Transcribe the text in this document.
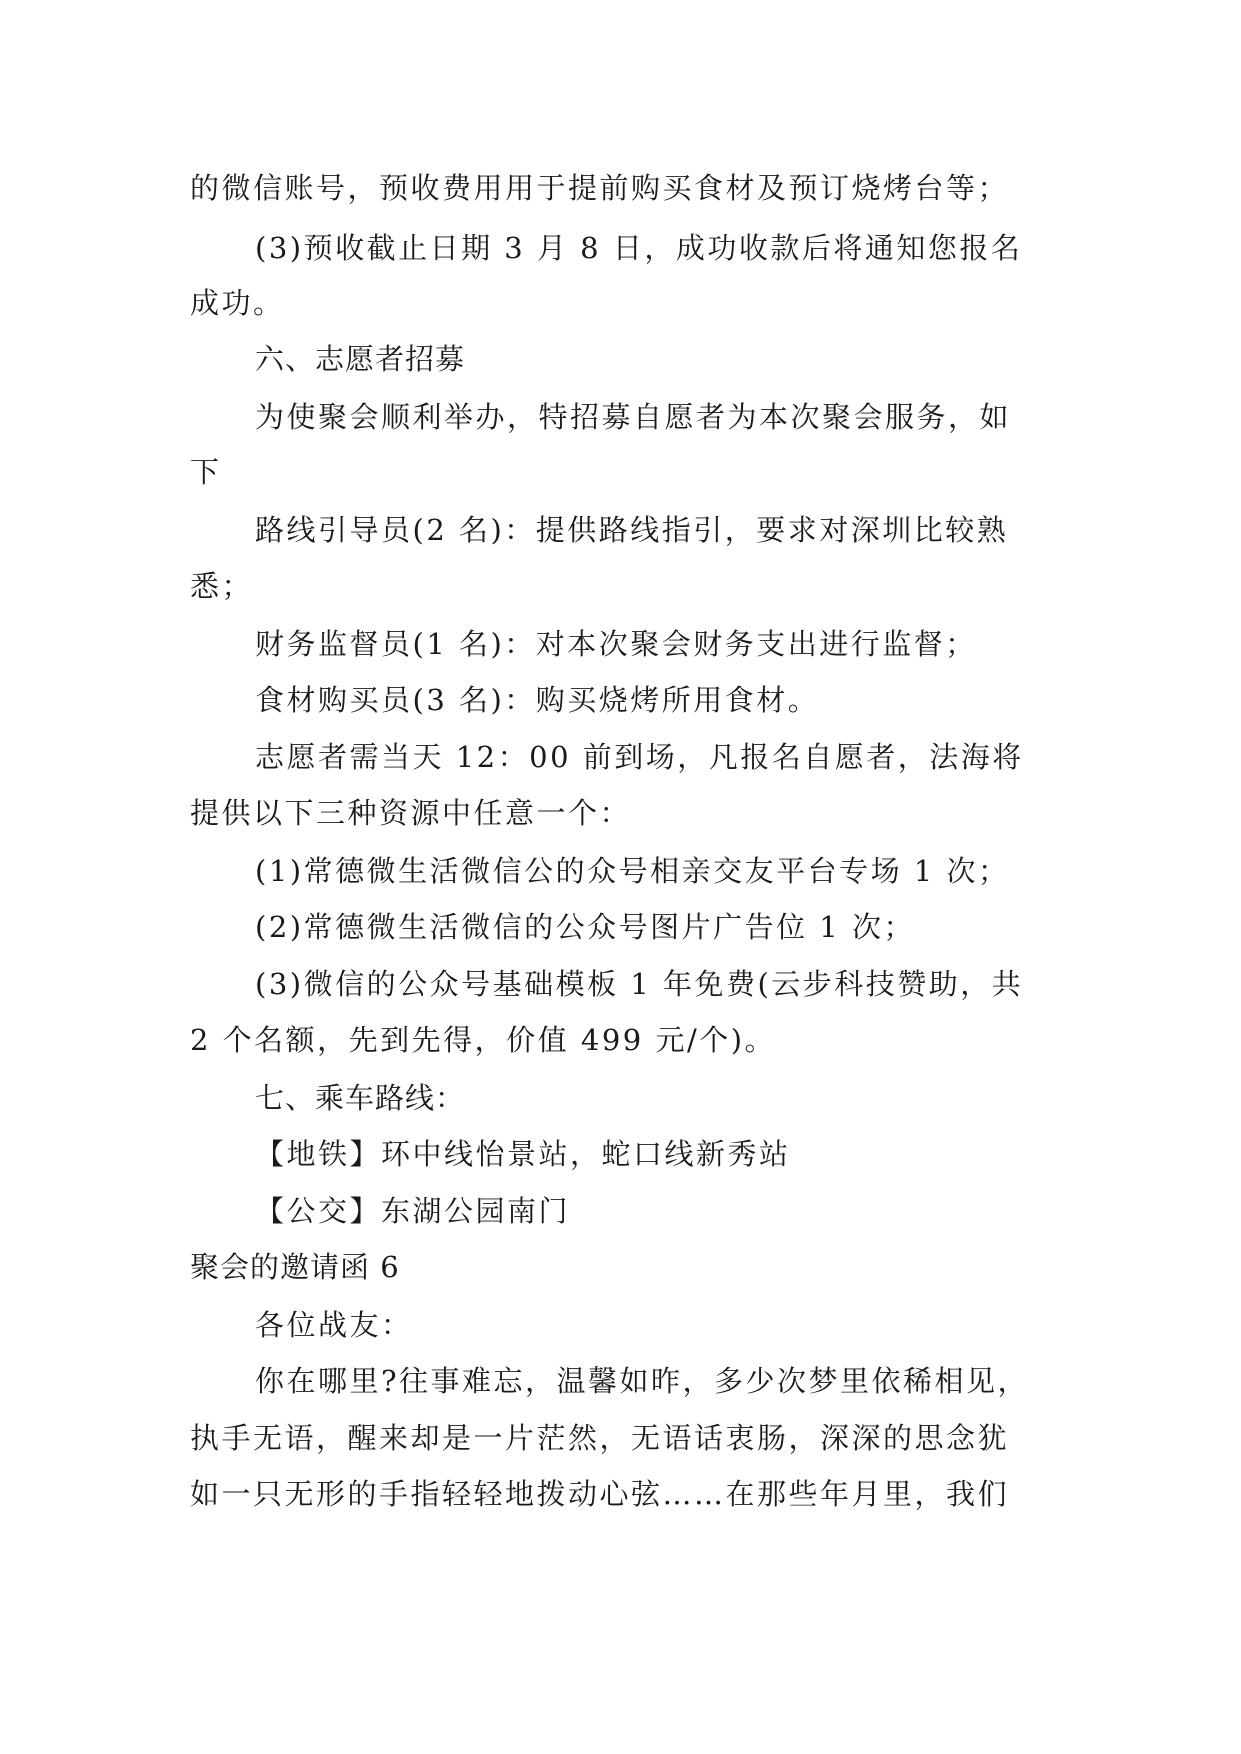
的微信账号，预收费用用于提前购买食材及预订烧烤台等；
(3)预收截止日期 3 月 8 日，成功收款后将通知您报名
成功。
六、志愿者招募
为使聚会顺利举办，特招募自愿者为本次聚会服务，如
下
路线引导员(2 名)：提供路线指引，要求对深圳比较熟
悉；
财务监督员(1 名)：对本次聚会财务支出进行监督；
食材购买员(3 名)：购买烧烤所用食材。
志愿者需当天 12：00 前到场，凡报名自愿者，法海将
提供以下三种资源中任意一个：
(1)常德微生活微信公的众号相亲交友平台专场 1 次；
(2)常德微生活微信的公众号图片广告位 1 次；
(3)微信的公众号基础模板 1 年免费(云步科技赞助，共
2 个名额，先到先得，价值 499 元/个)。
七、乘车路线：
【地铁】环中线怡景站，蛇口线新秀站
【公交】东湖公园南门
聚会的邀请函 6
各位战友：
你在哪里?往事难忘，温馨如昨，多少次梦里依稀相见，
执手无语，醒来却是一片茫然，无语话衷肠，深深的思念犹
如一只无形的手指轻轻地拨动心弦……在那些年月里，我们
